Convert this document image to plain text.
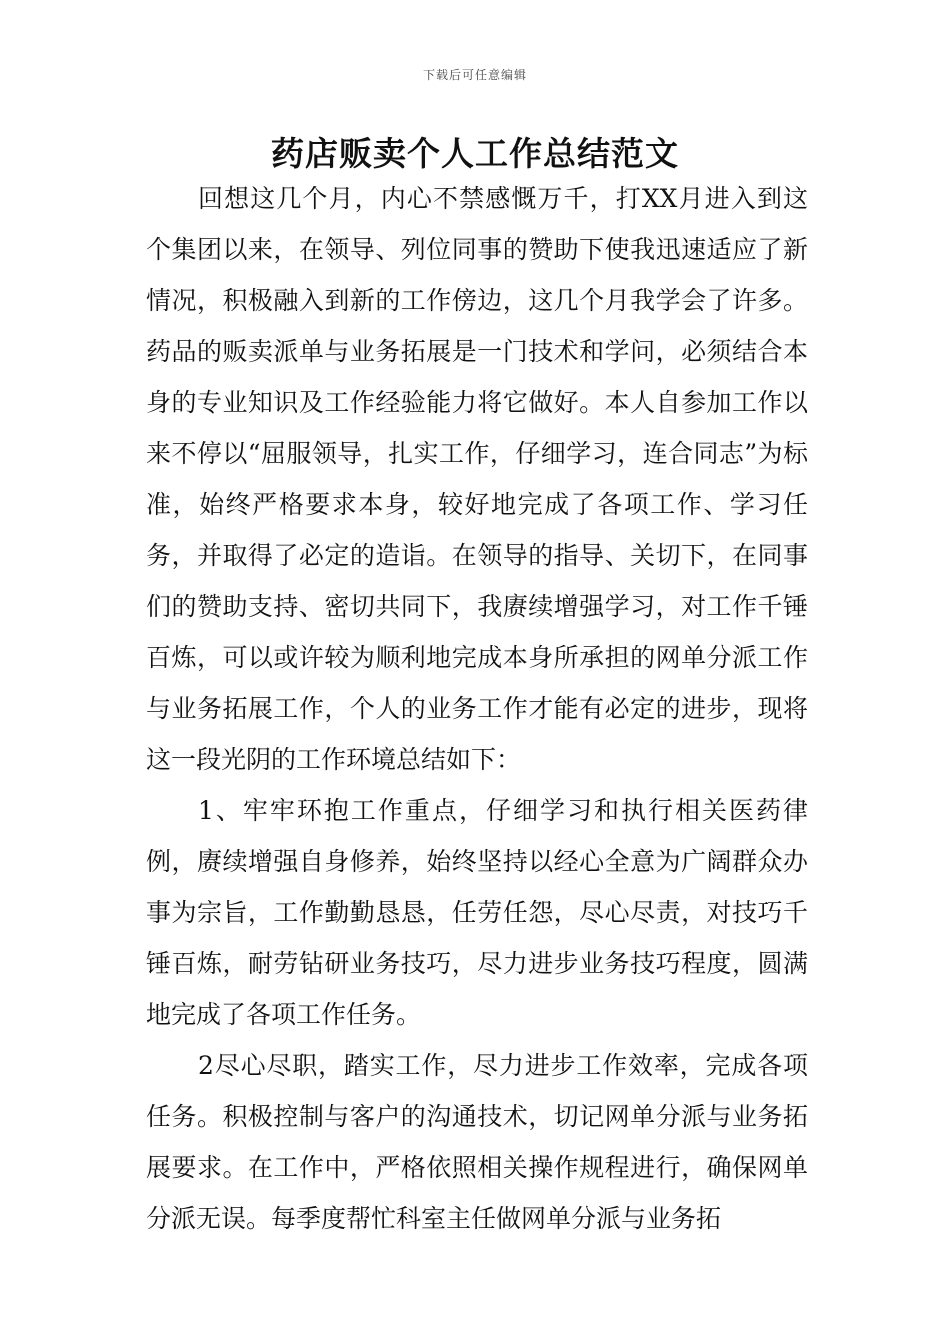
下载后可任意编辑
药店贩卖个人工作总结范文

回想这几个月，内心不禁感慨万千，打XX月进入到这个集团以来，在领导、列位同事的赞助下使我迅速适应了新情况，积极融入到新的工作傍边，这几个月我学会了许多。药品的贩卖派单与业务拓展是一门技术和学问，必须结合本身的专业知识及工作经验能力将它做好。本人自参加工作以来不停以“屈服领导，扎实工作，仔细学习，连合同志”为标准，始终严格要求本身，较好地完成了各项工作、学习任务，并取得了必定的造诣。在领导的指导、关切下，在同事们的赞助支持、密切共同下，我赓续增强学习，对工作千锤百炼，可以或许较为顺利地完成本身所承担的网单分派工作与业务拓展工作，个人的业务工作才能有必定的进步，现将这一段光阴的工作环境总结如下：

1、牢牢环抱工作重点，仔细学习和执行相关医药律例，赓续增强自身修养，始终坚持以经心全意为广阔群众办事为宗旨，工作勤勤恳恳，任劳任怨，尽心尽责，对技巧千锤百炼，耐劳钻研业务技巧，尽力进步业务技巧程度，圆满地完成了各项工作任务。

2尽心尽职，踏实工作，尽力进步工作效率，完成各项任务。积极控制与客户的沟通技术，切记网单分派与业务拓展要求。在工作中，严格依照相关操作规程进行，确保网单分派无误。每季度帮忙科室主任做网单分派与业务拓
